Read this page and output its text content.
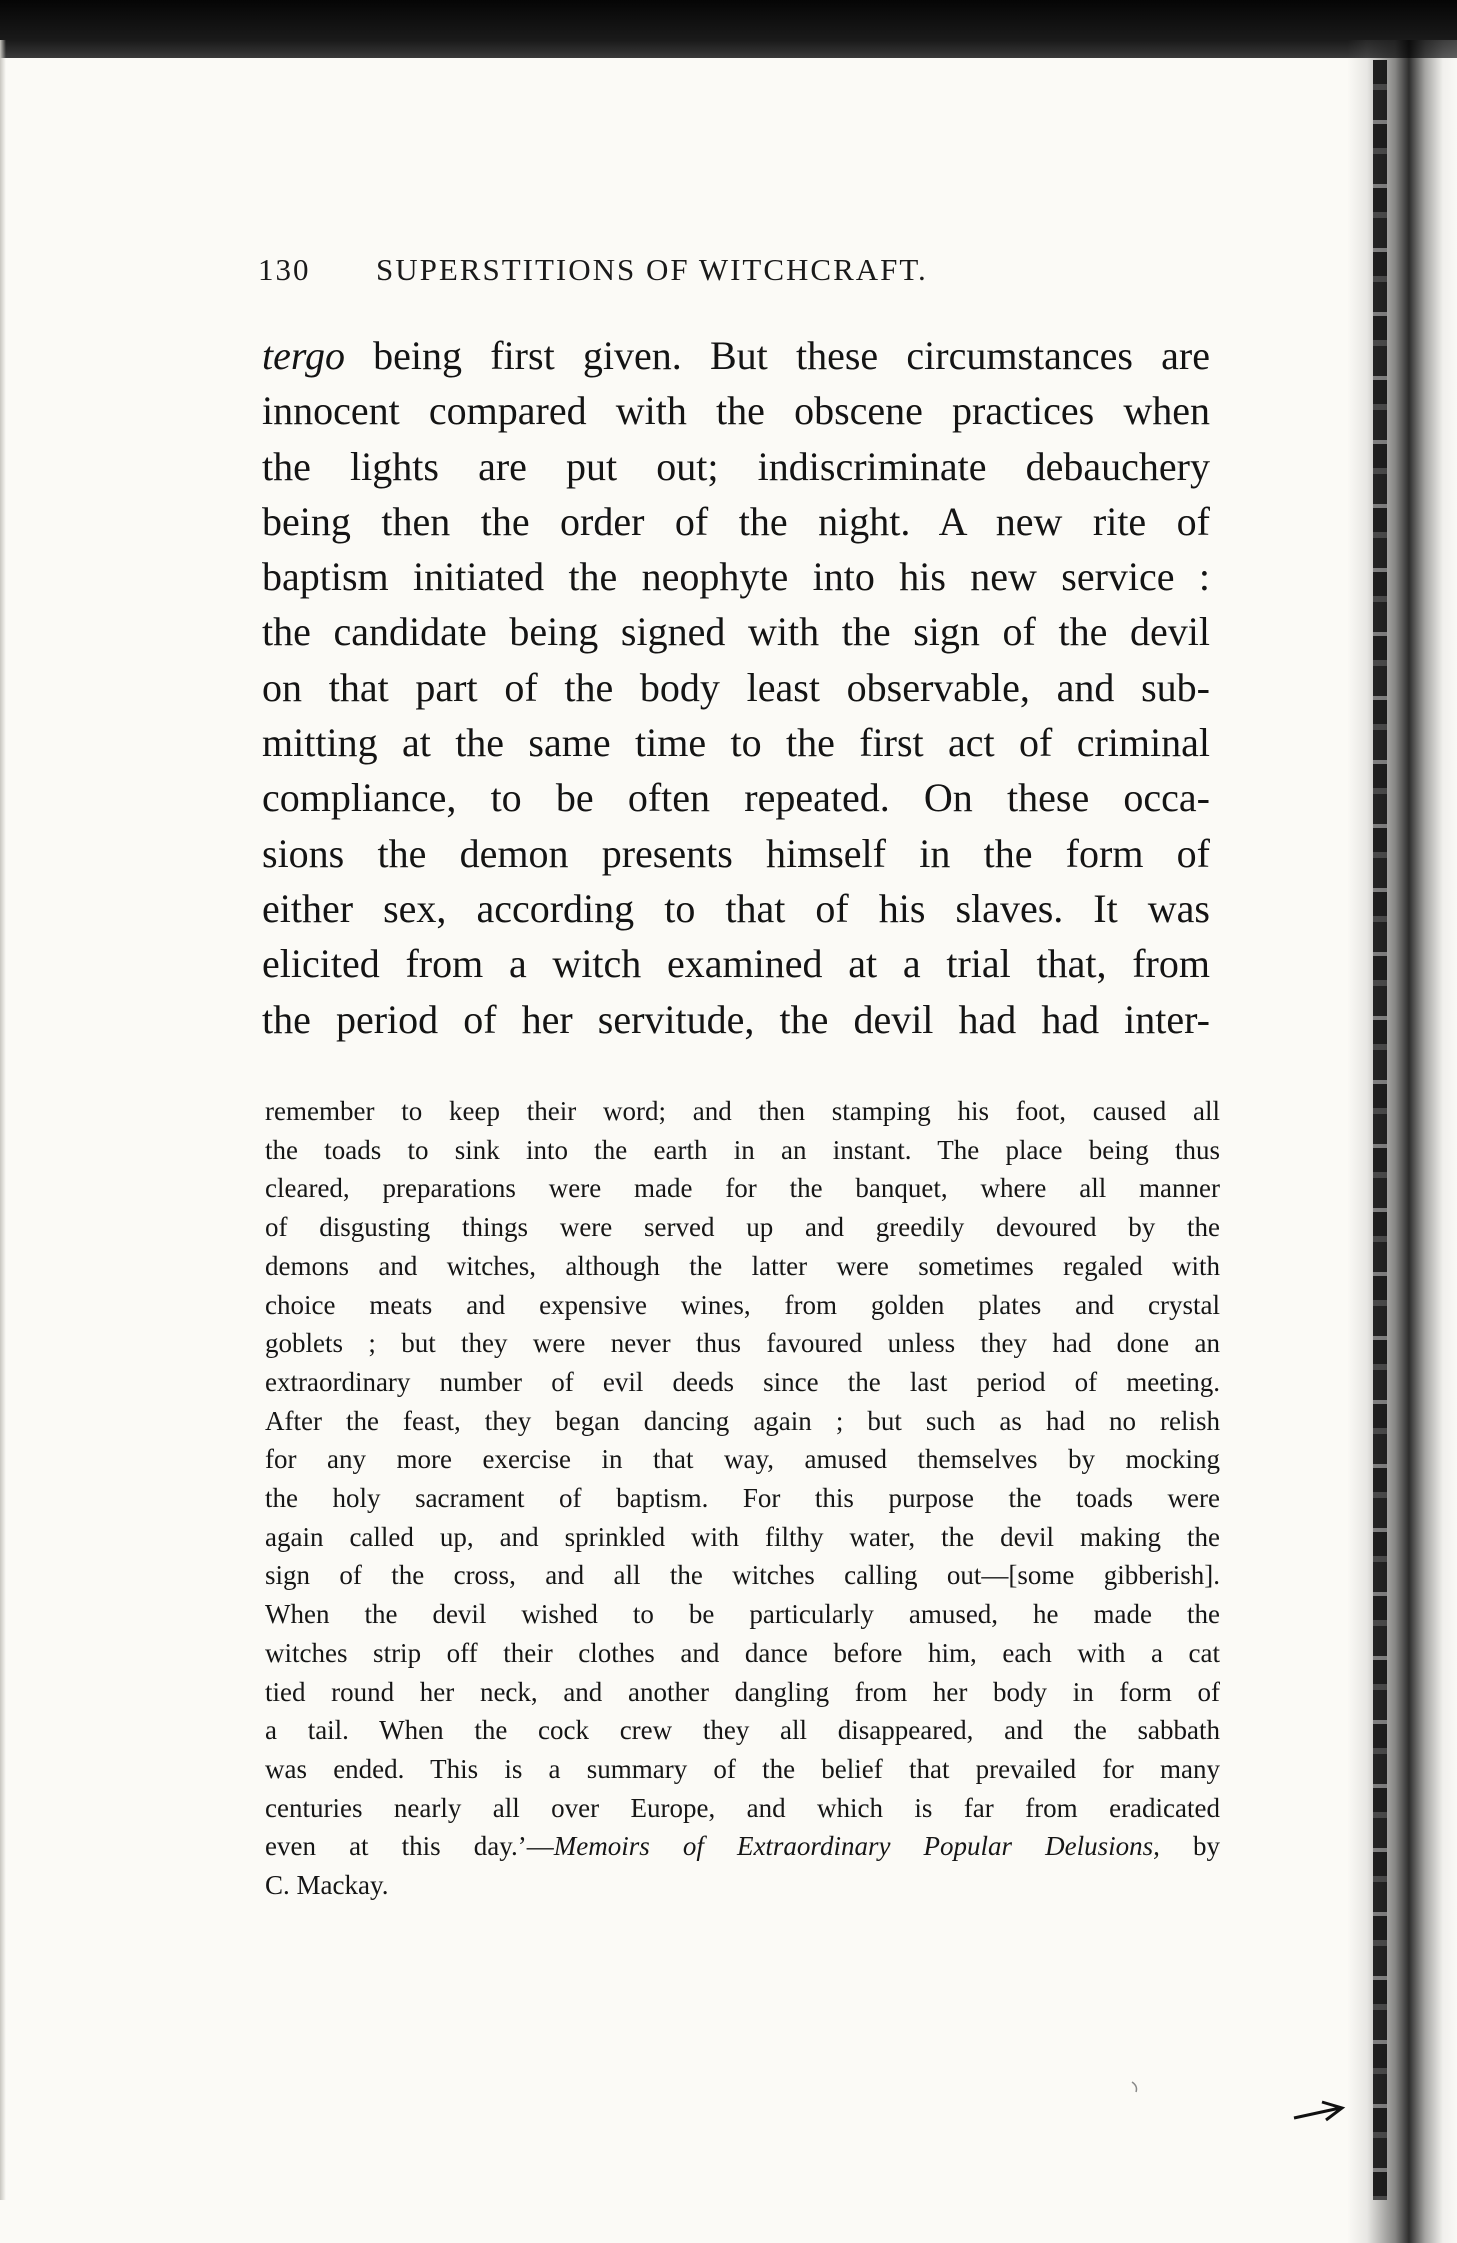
130 SUPERSTITIONS OF WITCHCRAFT.

tergo being first given. But these circumstances are

innocent compared with the obscene practices when

the lights are put out; indiscriminate debauchery

being then the order of the night. A new rite of

baptism initiated the neophyte into his new service :

the candidate being signed with the sign of the devil

on that part of the body least observable, and sub-

mitting at the same time to the first act of criminal

compliance, to be often repeated. On these occa-

sions the demon presents himself in the form of

either sex, according to that of his slaves. It was

elicited from a witch examined at a trial that, from

the period of her servitude, the devil had had inter-

remember to keep their word; and then stamping his foot, caused all

the toads to sink into the earth in an instant. The place being thus

cleared, preparations were made for the banquet, where all manner

of disgusting things were served up and greedily devoured by the

demons and witches, although the latter were sometimes regaled with

choice meats and expensive wines, from golden plates and crystal

goblets ; but they were never thus favoured unless they had done an

extraordinary number of evil deeds since the last period of meeting.

After the feast, they began dancing again ; but such as had no relish

for any more exercise in that way, amused themselves by mocking

the holy sacrament of baptism. For this purpose the toads were

again called up, and sprinkled with filthy water, the devil making the

sign of the cross, and all the witches calling out—[some gibberish].

When the devil wished to be particularly amused, he made the

witches strip off their clothes and dance before him, each with a cat

tied round her neck, and another dangling from her body in form of

a tail. When the cock crew they all disappeared, and the sabbath

was ended. This is a summary of the belief that prevailed for many

centuries nearly all over Europe, and which is far from eradicated

even at this day.’—Memoirs of Extraordinary Popular Delusions, by

C. Mackay.
